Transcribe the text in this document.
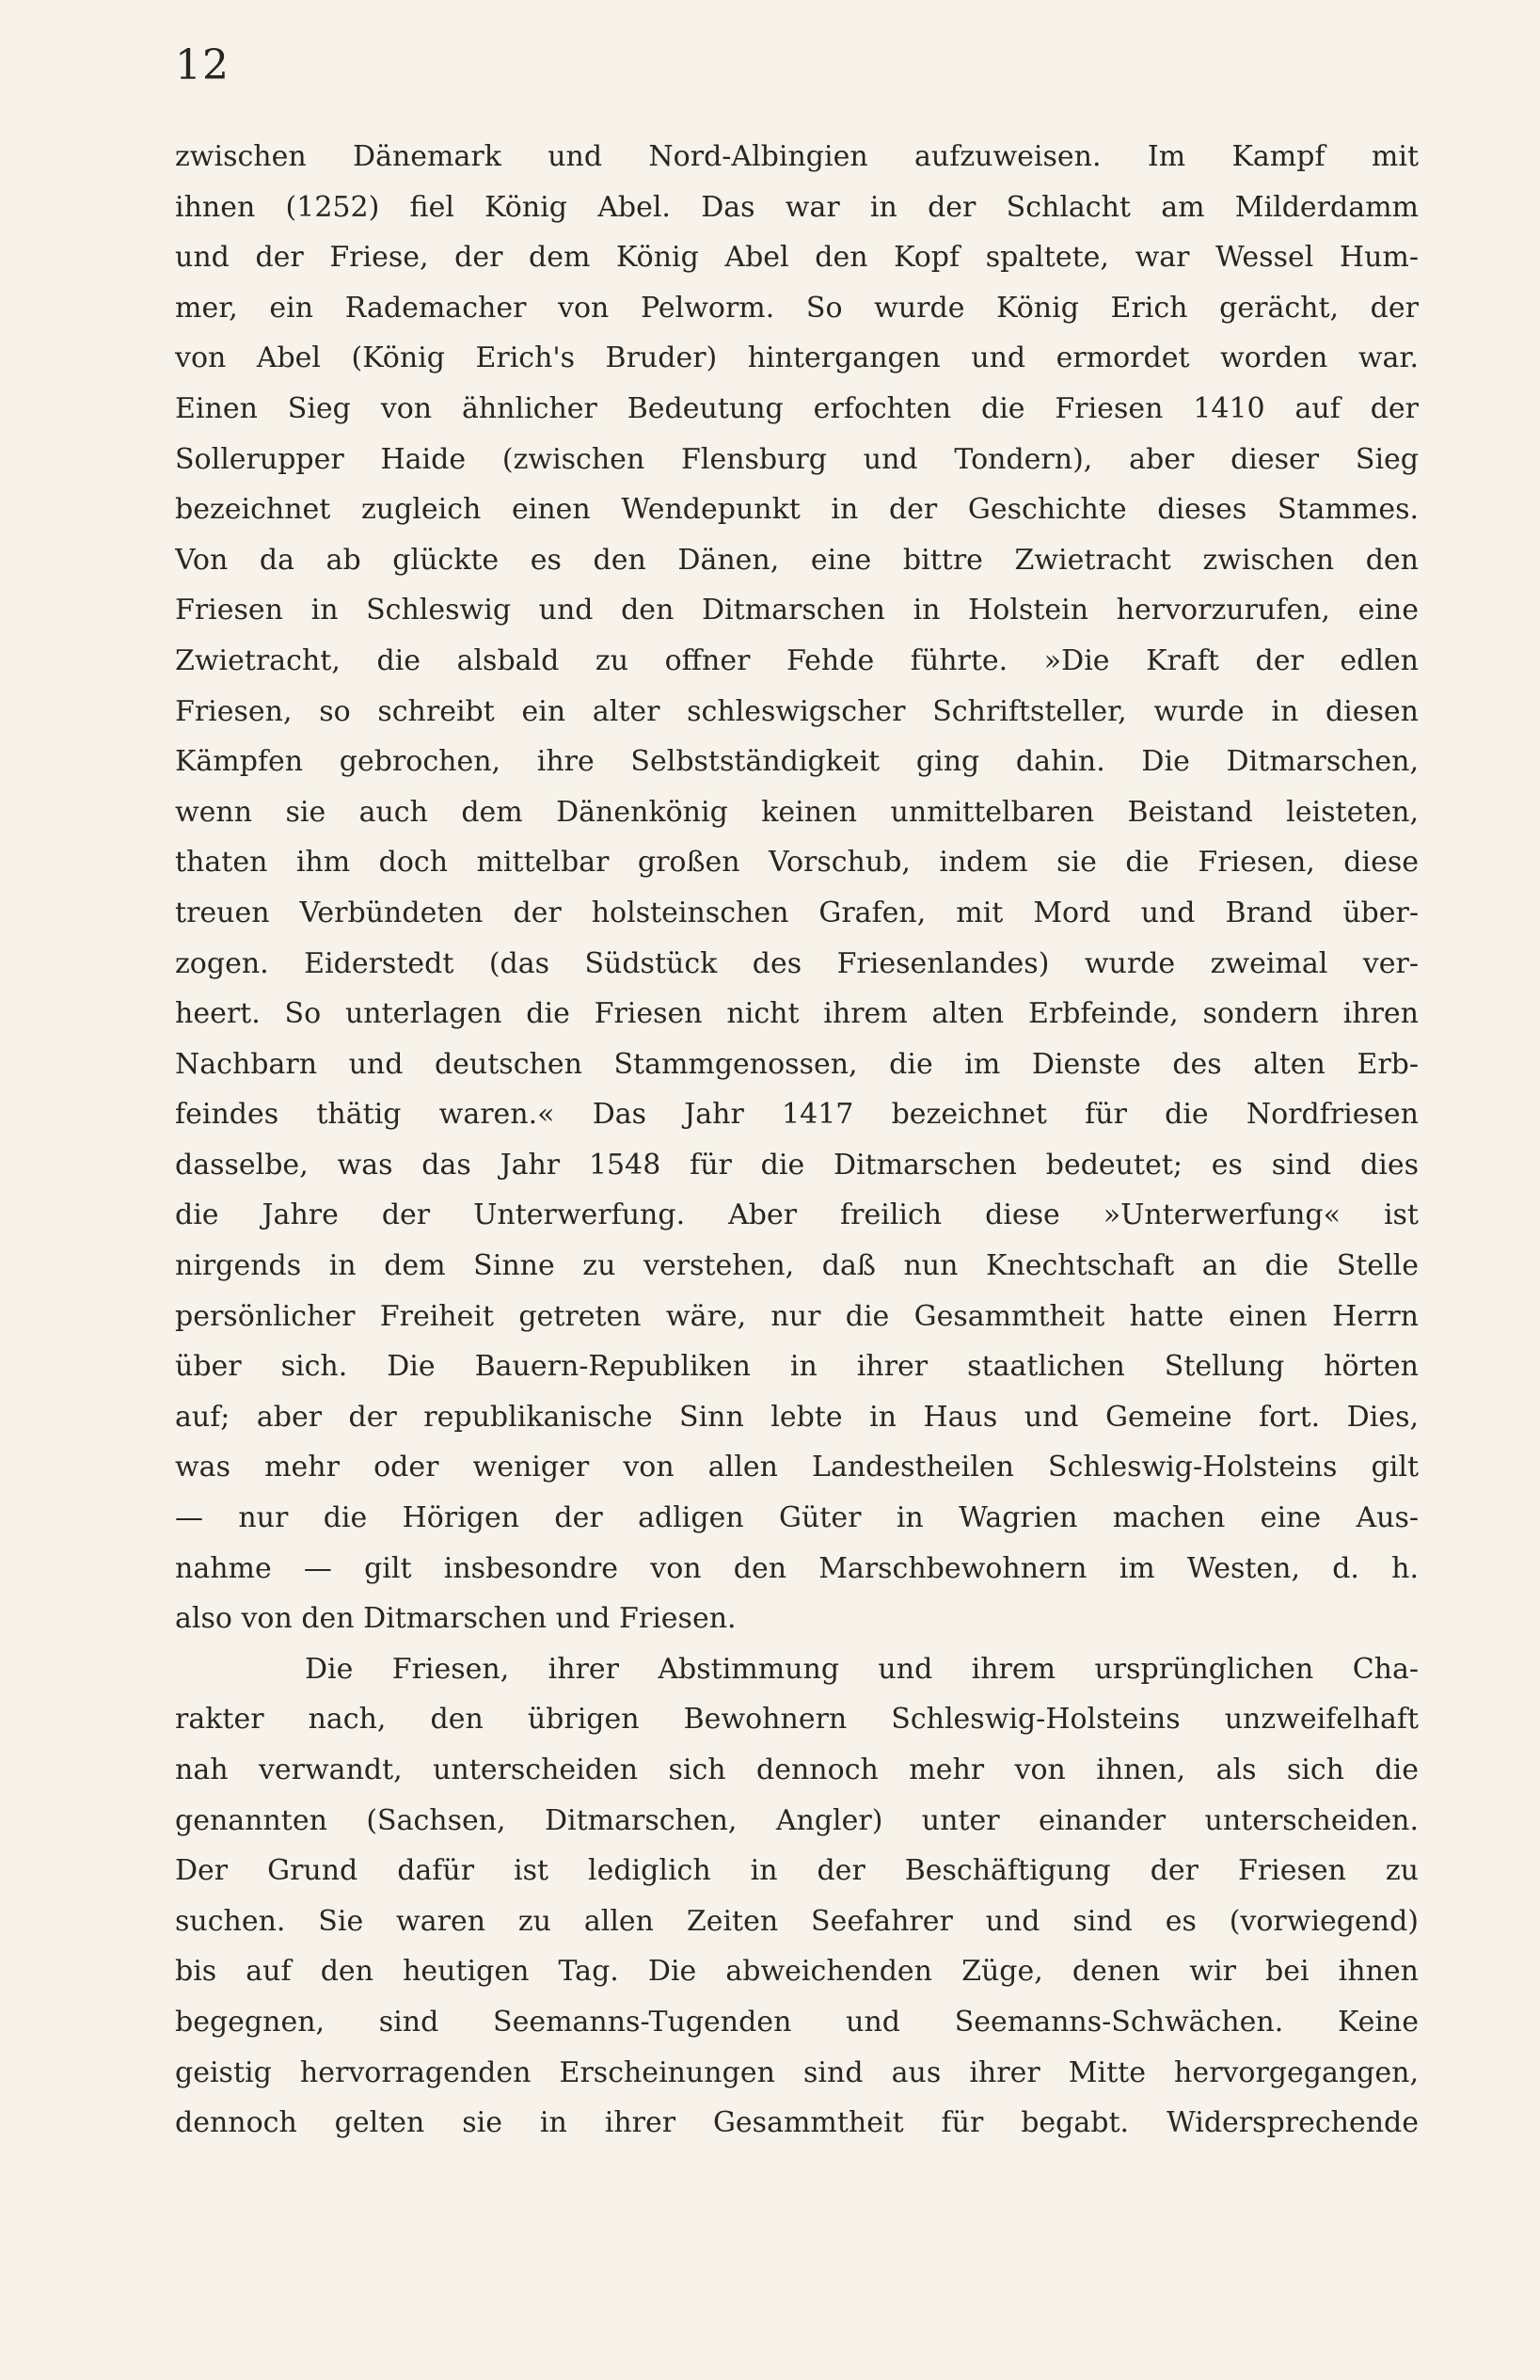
12
zwischen Dänemark und Nord-Albingien aufzuweisen. Im Kampf mit
ihnen (1252) fiel König Abel. Das war in der Schlacht am Milderdamm
und der Friese, der dem König Abel den Kopf spaltete, war Wessel Hum-
mer, ein Rademacher von Pelworm. So wurde König Erich gerächt, der
von Abel (König Erich's Bruder) hintergangen und ermordet worden war.
Einen Sieg von ähnlicher Bedeutung erfochten die Friesen 1410 auf der
Sollerupper Haide (zwischen Flensburg und Tondern), aber dieser Sieg
bezeichnet zugleich einen Wendepunkt in der Geschichte dieses Stammes.
Von da ab glückte es den Dänen, eine bittre Zwietracht zwischen den
Friesen in Schleswig und den Ditmarschen in Holstein hervorzurufen, eine
Zwietracht, die alsbald zu offner Fehde führte. »Die Kraft der edlen
Friesen, so schreibt ein alter schleswigscher Schriftsteller, wurde in diesen
Kämpfen gebrochen, ihre Selbstständigkeit ging dahin. Die Ditmarschen,
wenn sie auch dem Dänenkönig keinen unmittelbaren Beistand leisteten,
thaten ihm doch mittelbar großen Vorschub, indem sie die Friesen, diese
treuen Verbündeten der holsteinschen Grafen, mit Mord und Brand über-
zogen. Eiderstedt (das Südstück des Friesenlandes) wurde zweimal ver-
heert. So unterlagen die Friesen nicht ihrem alten Erbfeinde, sondern ihren
Nachbarn und deutschen Stammgenossen, die im Dienste des alten Erb-
feindes thätig waren.« Das Jahr 1417 bezeichnet für die Nordfriesen
dasselbe, was das Jahr 1548 für die Ditmarschen bedeutet; es sind dies
die Jahre der Unterwerfung. Aber freilich diese »Unterwerfung« ist
nirgends in dem Sinne zu verstehen, daß nun Knechtschaft an die Stelle
persönlicher Freiheit getreten wäre, nur die Gesammtheit hatte einen Herrn
über sich. Die Bauern-Republiken in ihrer staatlichen Stellung hörten
auf; aber der republikanische Sinn lebte in Haus und Gemeine fort. Dies,
was mehr oder weniger von allen Landestheilen Schleswig-Holsteins gilt
— nur die Hörigen der adligen Güter in Wagrien machen eine Aus-
nahme — gilt insbesondre von den Marschbewohnern im Westen, d. h.
also von den Ditmarschen und Friesen.
Die Friesen, ihrer Abstimmung und ihrem ursprünglichen Cha-
rakter nach, den übrigen Bewohnern Schleswig-Holsteins unzweifelhaft
nah verwandt, unterscheiden sich dennoch mehr von ihnen, als sich die
genannten (Sachsen, Ditmarschen, Angler) unter einander unterscheiden.
Der Grund dafür ist lediglich in der Beschäftigung der Friesen zu
suchen. Sie waren zu allen Zeiten Seefahrer und sind es (vorwiegend)
bis auf den heutigen Tag. Die abweichenden Züge, denen wir bei ihnen
begegnen, sind Seemanns-Tugenden und Seemanns-Schwächen. Keine
geistig hervorragenden Erscheinungen sind aus ihrer Mitte hervorgegangen,
dennoch gelten sie in ihrer Gesammtheit für begabt. Widersprechende
